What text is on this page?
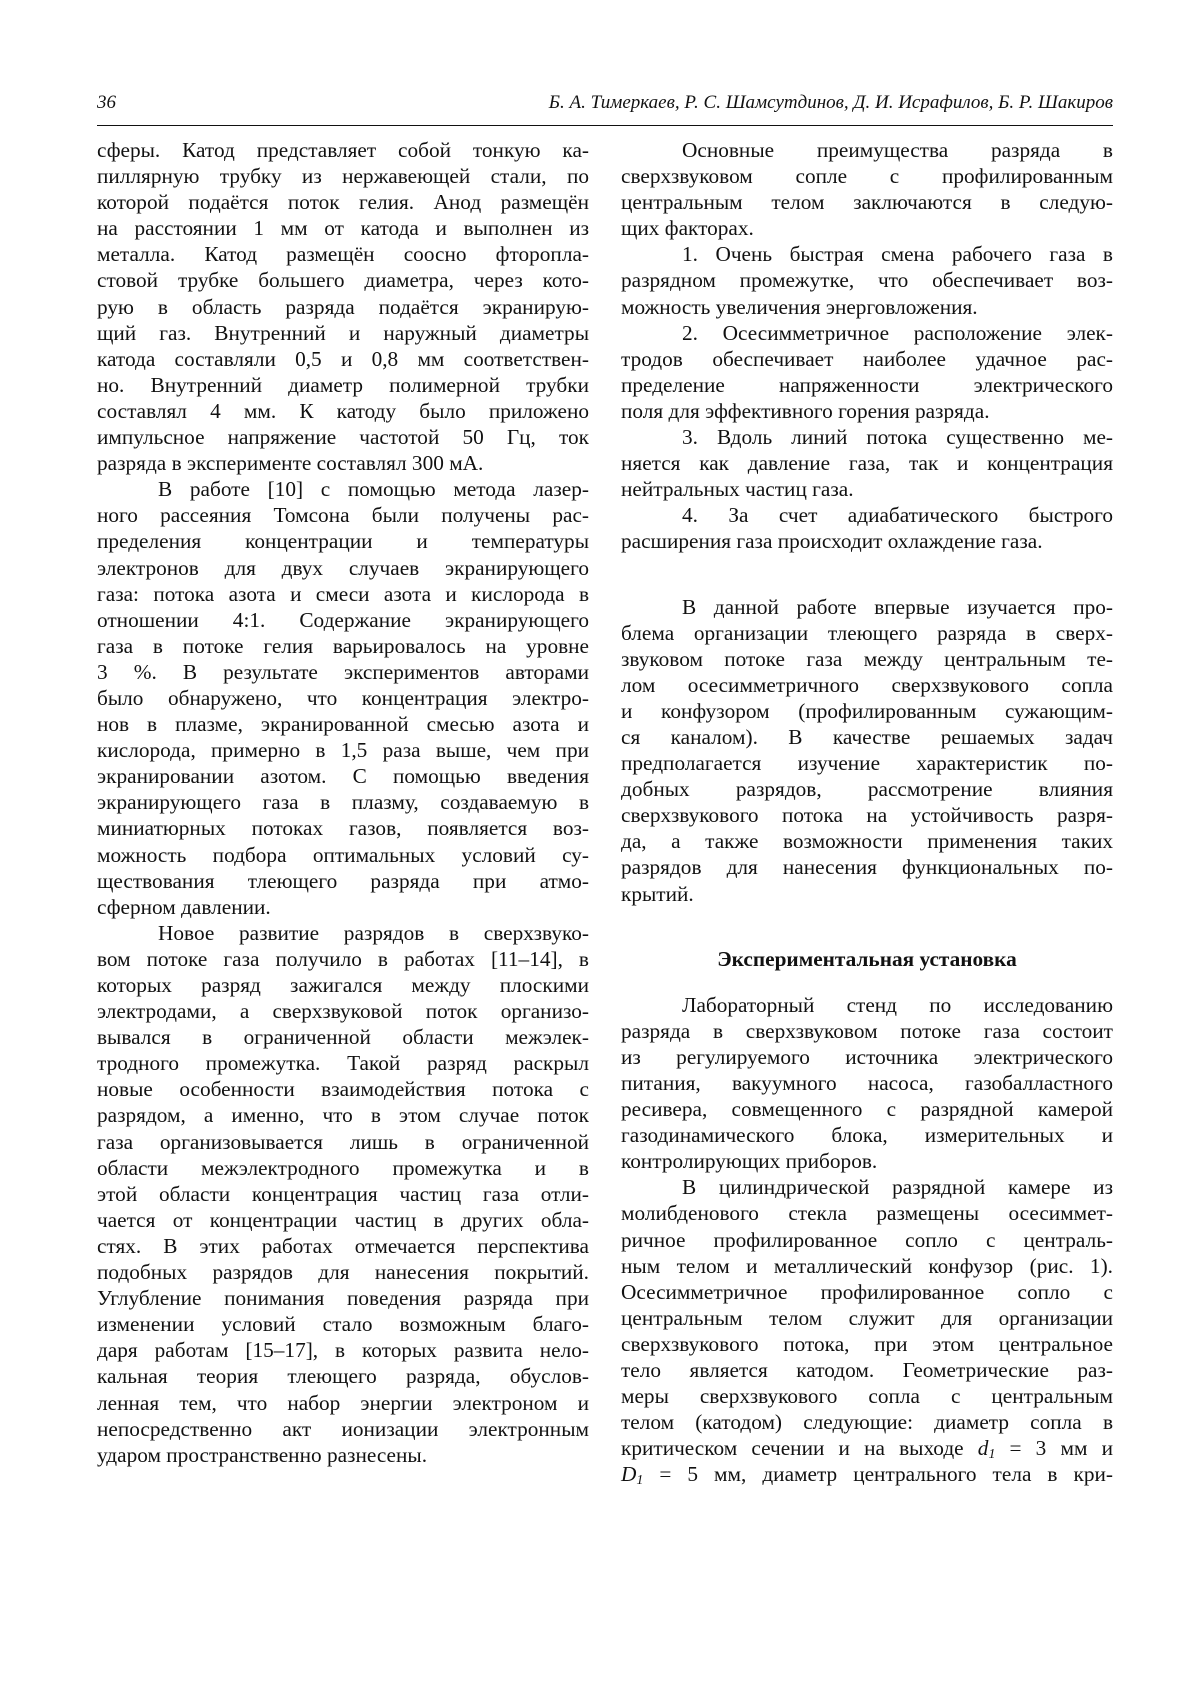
36	Б. А. Тимеркаев, Р. С. Шамсутдинов, Д. И. Исрафилов, Б. Р. Шакиров
сферы. Катод представляет собой тонкую ка-
пиллярную трубку из нержавеющей стали, по
которой подаётся поток гелия. Анод размещён
на расстоянии 1 мм от катода и выполнен из
металла. Катод размещён соосно фторопла-
стовой трубке большего диаметра, через кото-
рую в область разряда подаётся экранирую-
щий газ. Внутренний и наружный диаметры
катода составляли 0,5 и 0,8 мм соответствен-
но. Внутренний диаметр полимерной трубки
составлял 4 мм. К катоду было приложено
импульсное напряжение частотой 50 Гц, ток
разряда в эксперименте составлял 300 мА.
В работе [10] с помощью метода лазер-
ного рассеяния Томсона были получены рас-
пределения концентрации и температуры
электронов для двух случаев экранирующего
газа: потока азота и смеси азота и кислорода в
отношении 4:1. Содержание экранирующего
газа в потоке гелия варьировалось на уровне
3 %. В результате экспериментов авторами
было обнаружено, что концентрация электро-
нов в плазме, экранированной смесью азота и
кислорода, примерно в 1,5 раза выше, чем при
экранировании азотом. С помощью введения
экранирующего газа в плазму, создаваемую в
миниатюрных потоках газов, появляется воз-
можность подбора оптимальных условий су-
ществования тлеющего разряда при атмо-
сферном давлении.
Новое развитие разрядов в сверхзвуко-
вом потоке газа получило в работах [11–14], в
которых разряд зажигался между плоскими
электродами, а сверхзвуковой поток организо-
вывался в ограниченной области межэлек-
тродного промежутка. Такой разряд раскрыл
новые особенности взаимодействия потока с
разрядом, а именно, что в этом случае поток
газа организовывается лишь в ограниченной
области межэлектродного промежутка и в
этой области концентрация частиц газа отли-
чается от концентрации частиц в других обла-
стях. В этих работах отмечается перспектива
подобных разрядов для нанесения покрытий.
Углубление понимания поведения разряда при
изменении условий стало возможным благо-
даря работам [15–17], в которых развита нело-
кальная теория тлеющего разряда, обуслов-
ленная тем, что набор энергии электроном и
непосредственно акт ионизации электронным
ударом пространственно разнесены.
Основные преимущества разряда в
сверхзвуковом сопле с профилированным
центральным телом заключаются в следую-
щих факторах.
1. Очень быстрая смена рабочего газа в
разрядном промежутке, что обеспечивает воз-
можность увеличения энерговложения.
2. Осесимметричное расположение элек-
тродов обеспечивает наиболее удачное рас-
пределение напряженности электрического
поля для эффективного горения разряда.
3. Вдоль линий потока существенно ме-
няется как давление газа, так и концентрация
нейтральных частиц газа.
4. За счет адиабатического быстрого
расширения газа происходит охлаждение газа.
В данной работе впервые изучается про-
блема организации тлеющего разряда в сверх-
звуковом потоке газа между центральным те-
лом осесимметричного сверхзвукового сопла
и конфузором (профилированным сужающим-
ся каналом). В качестве решаемых задач
предполагается изучение характеристик по-
добных разрядов, рассмотрение влияния
сверхзвукового потока на устойчивость разря-
да, а также возможности применения таких
разрядов для нанесения функциональных по-
крытий.
Экспериментальная установка
Лабораторный стенд по исследованию
разряда в сверхзвуковом потоке газа состоит
из регулируемого источника электрического
питания, вакуумного насоса, газобалластного
ресивера, совмещенного с разрядной камерой
газодинамического блока, измерительных и
контролирующих приборов.
В цилиндрической разрядной камере из
молибденового стекла размещены осесиммет-
ричное профилированное сопло с централь-
ным телом и металлический конфузор (рис. 1).
Осесимметричное профилированное сопло с
центральным телом служит для организации
сверхзвукового потока, при этом центральное
тело является катодом. Геометрические раз-
меры сверхзвукового сопла с центральным
телом (катодом) следующие: диаметр сопла в
критическом сечении и на выходе $d_1 = 3$ мм и
$D_1 = 5$ мм, диаметр центрального тела в кри-
